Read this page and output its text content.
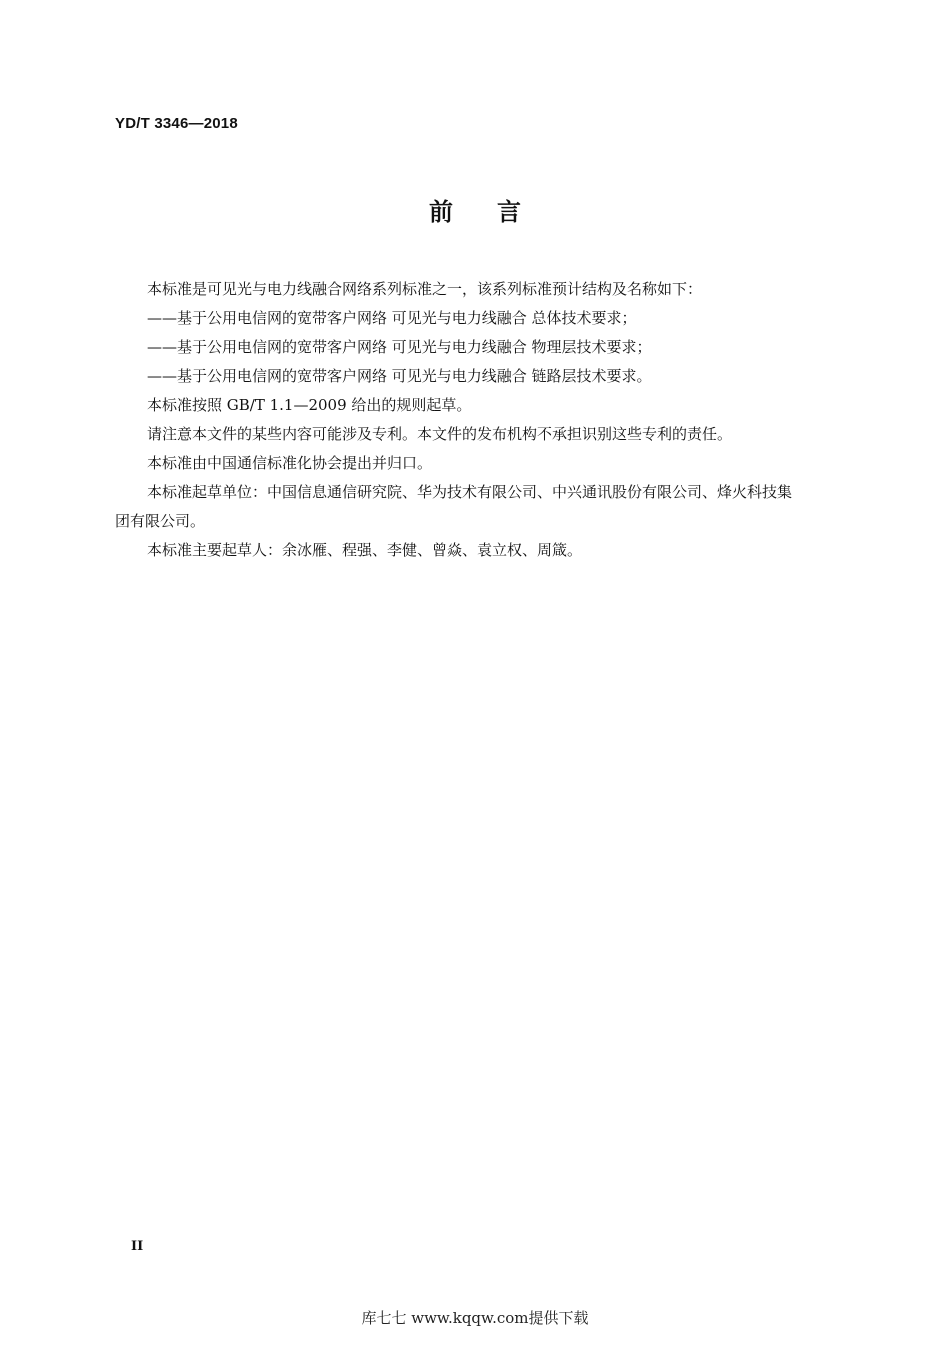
YD/T 3346—2018
前言

本标准是可见光与电力线融合网络系列标准之一，该系列标准预计结构及名称如下：

——基于公用电信网的宽带客户网络 可见光与电力线融合 总体技术要求；

——基于公用电信网的宽带客户网络 可见光与电力线融合 物理层技术要求；

——基于公用电信网的宽带客户网络 可见光与电力线融合 链路层技术要求。

本标准按照 GB/T 1.1—2009 给出的规则起草。

请注意本文件的某些内容可能涉及专利。本文件的发布机构不承担识别这些专利的责任。

本标准由中国通信标准化协会提出并归口。

本标准起草单位：中国信息通信研究院、华为技术有限公司、中兴通讯股份有限公司、烽火科技集

团有限公司。

本标准主要起草人：余冰雁、程强、李健、曾焱、袁立权、周箴。

II
库七七 www.kqqw.com提供下载
